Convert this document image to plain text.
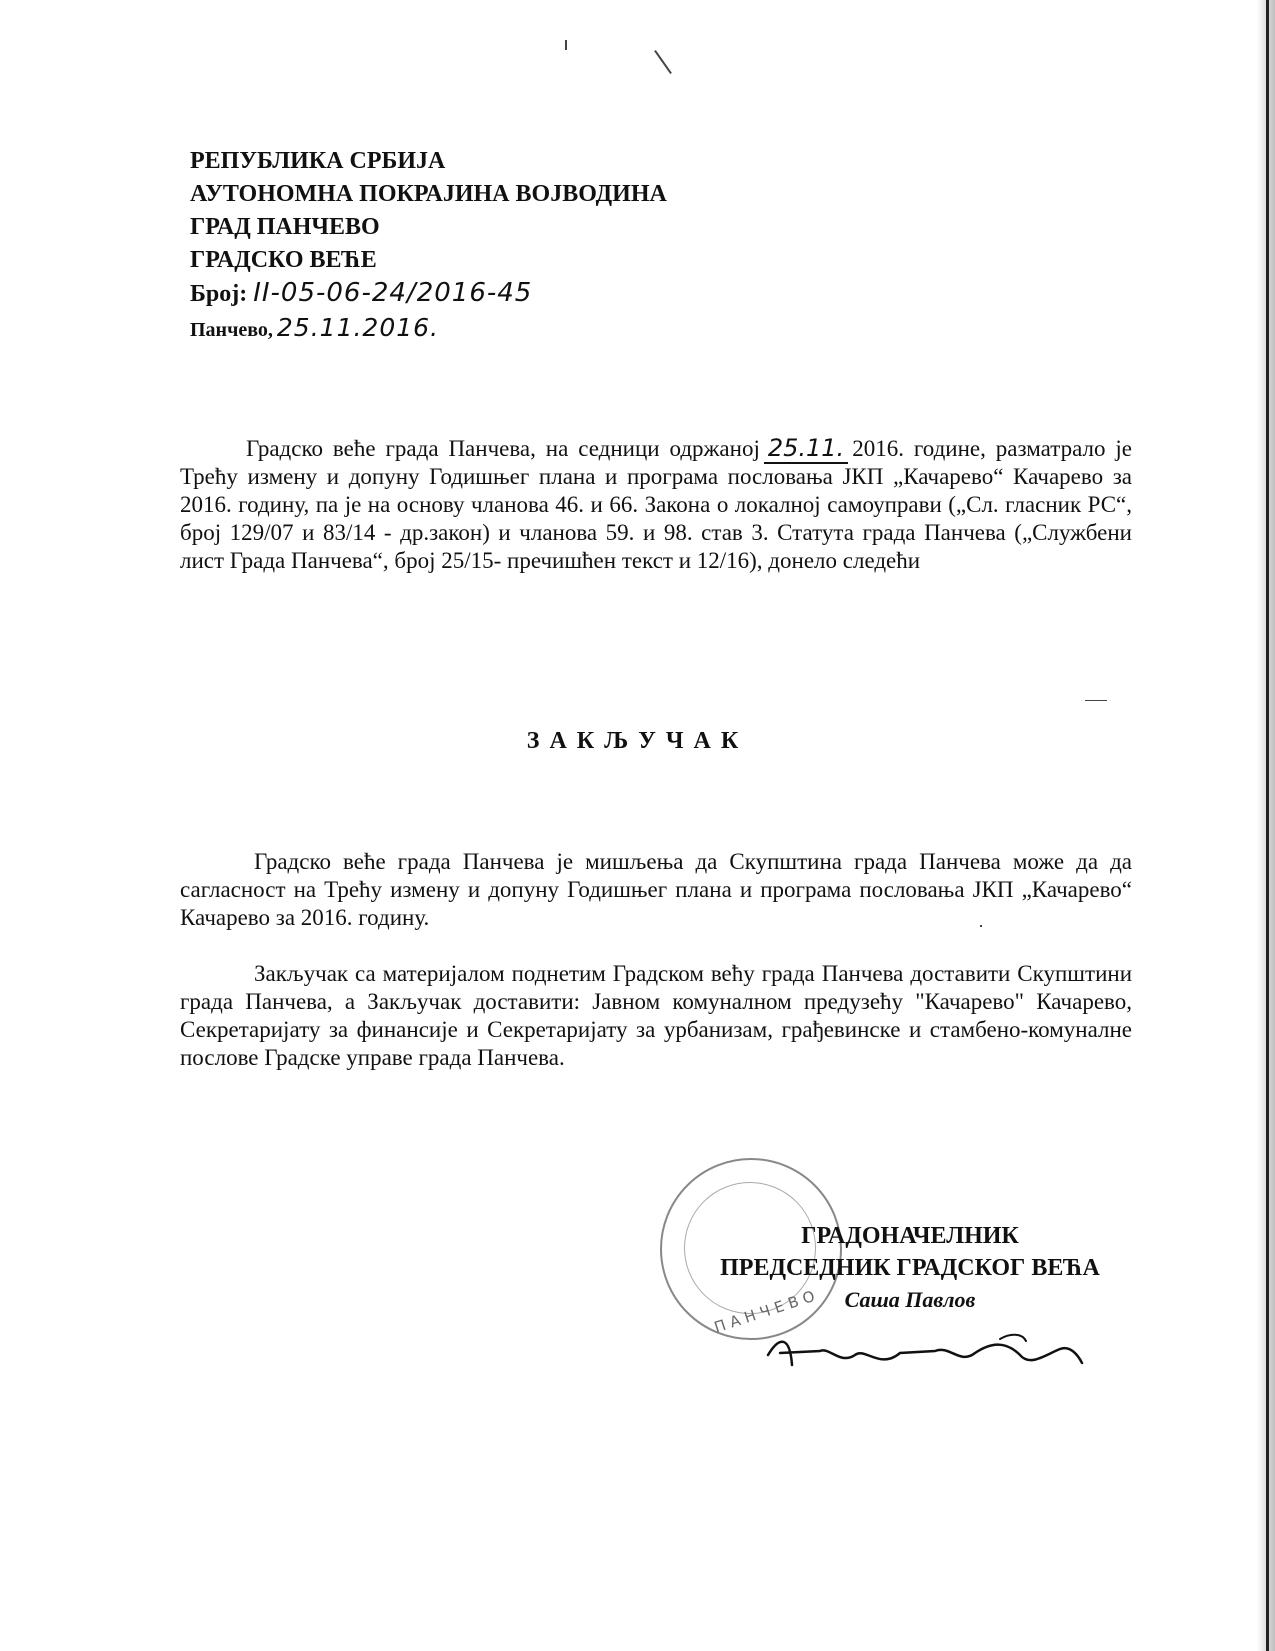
РЕПУБЛИКА СРБИЈА
АУТОНОМНА ПОКРАЈИНА ВОЈВОДИНА
ГРАД ПАНЧЕВО
ГРАДСКО ВЕЋЕ
Број: II-05-06-24/2016-45
Панчево, 25.11.2016.
Градско веће града Панчева, на седници одржаној 25.11. 2016. године, разматрало је Трећу измену и допуну Годишњег плана и програма пословања ЈКП „Качарево“ Качарево за 2016. годину, па је на основу чланова 46. и 66. Закона о локалној самоуправи („Сл. гласник РС“, број 129/07 и 83/14 - др.закон) и чланова 59. и 98. став 3. Статута града Панчева („Службени лист Града Панчева“, број 25/15- пречишћен текст и 12/16), донело следећи
ЗАКЉУЧАК
Градско веће града Панчева је мишљења да Скупштина града Панчева може да да сагласност на Трећу измену и допуну Годишњег плана и програма пословања ЈКП „Качарево“ Качарево за 2016. годину.
Закључак са материјалом поднетим Градском већу града Панчева доставити Скупштини града Панчева, а Закључак доставити: Јавном комуналном предузећу "Качарево" Качарево, Секретаријату за финансије и Секретаријату за урбанизам, грађевинске и стамбено-комуналне послове Градске управе града Панчева.
ПАНЧЕВО
ГРАДОНАЧЕЛНИК
ПРЕДСЕДНИК ГРАДСКОГ ВЕЋА
Саша Павлов
